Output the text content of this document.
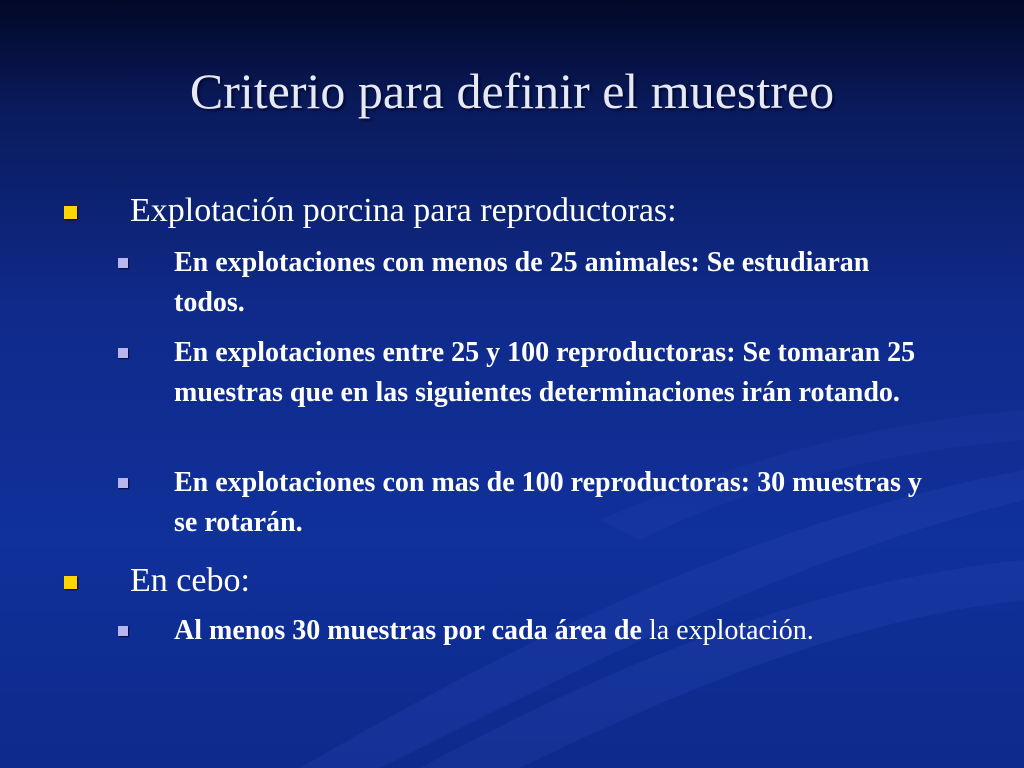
Criterio para definir el muestreo
Explotación porcina para reproductoras:
En explotaciones con menos de 25 animales: Se estudiaran todos.
En explotaciones entre 25 y 100 reproductoras: Se tomaran 25 muestras que en las siguientes determinaciones irán rotando.
En explotaciones con mas de 100 reproductoras: 30 muestras y se rotarán.
En cebo:
Al menos 30 muestras por cada área de la explotación.
